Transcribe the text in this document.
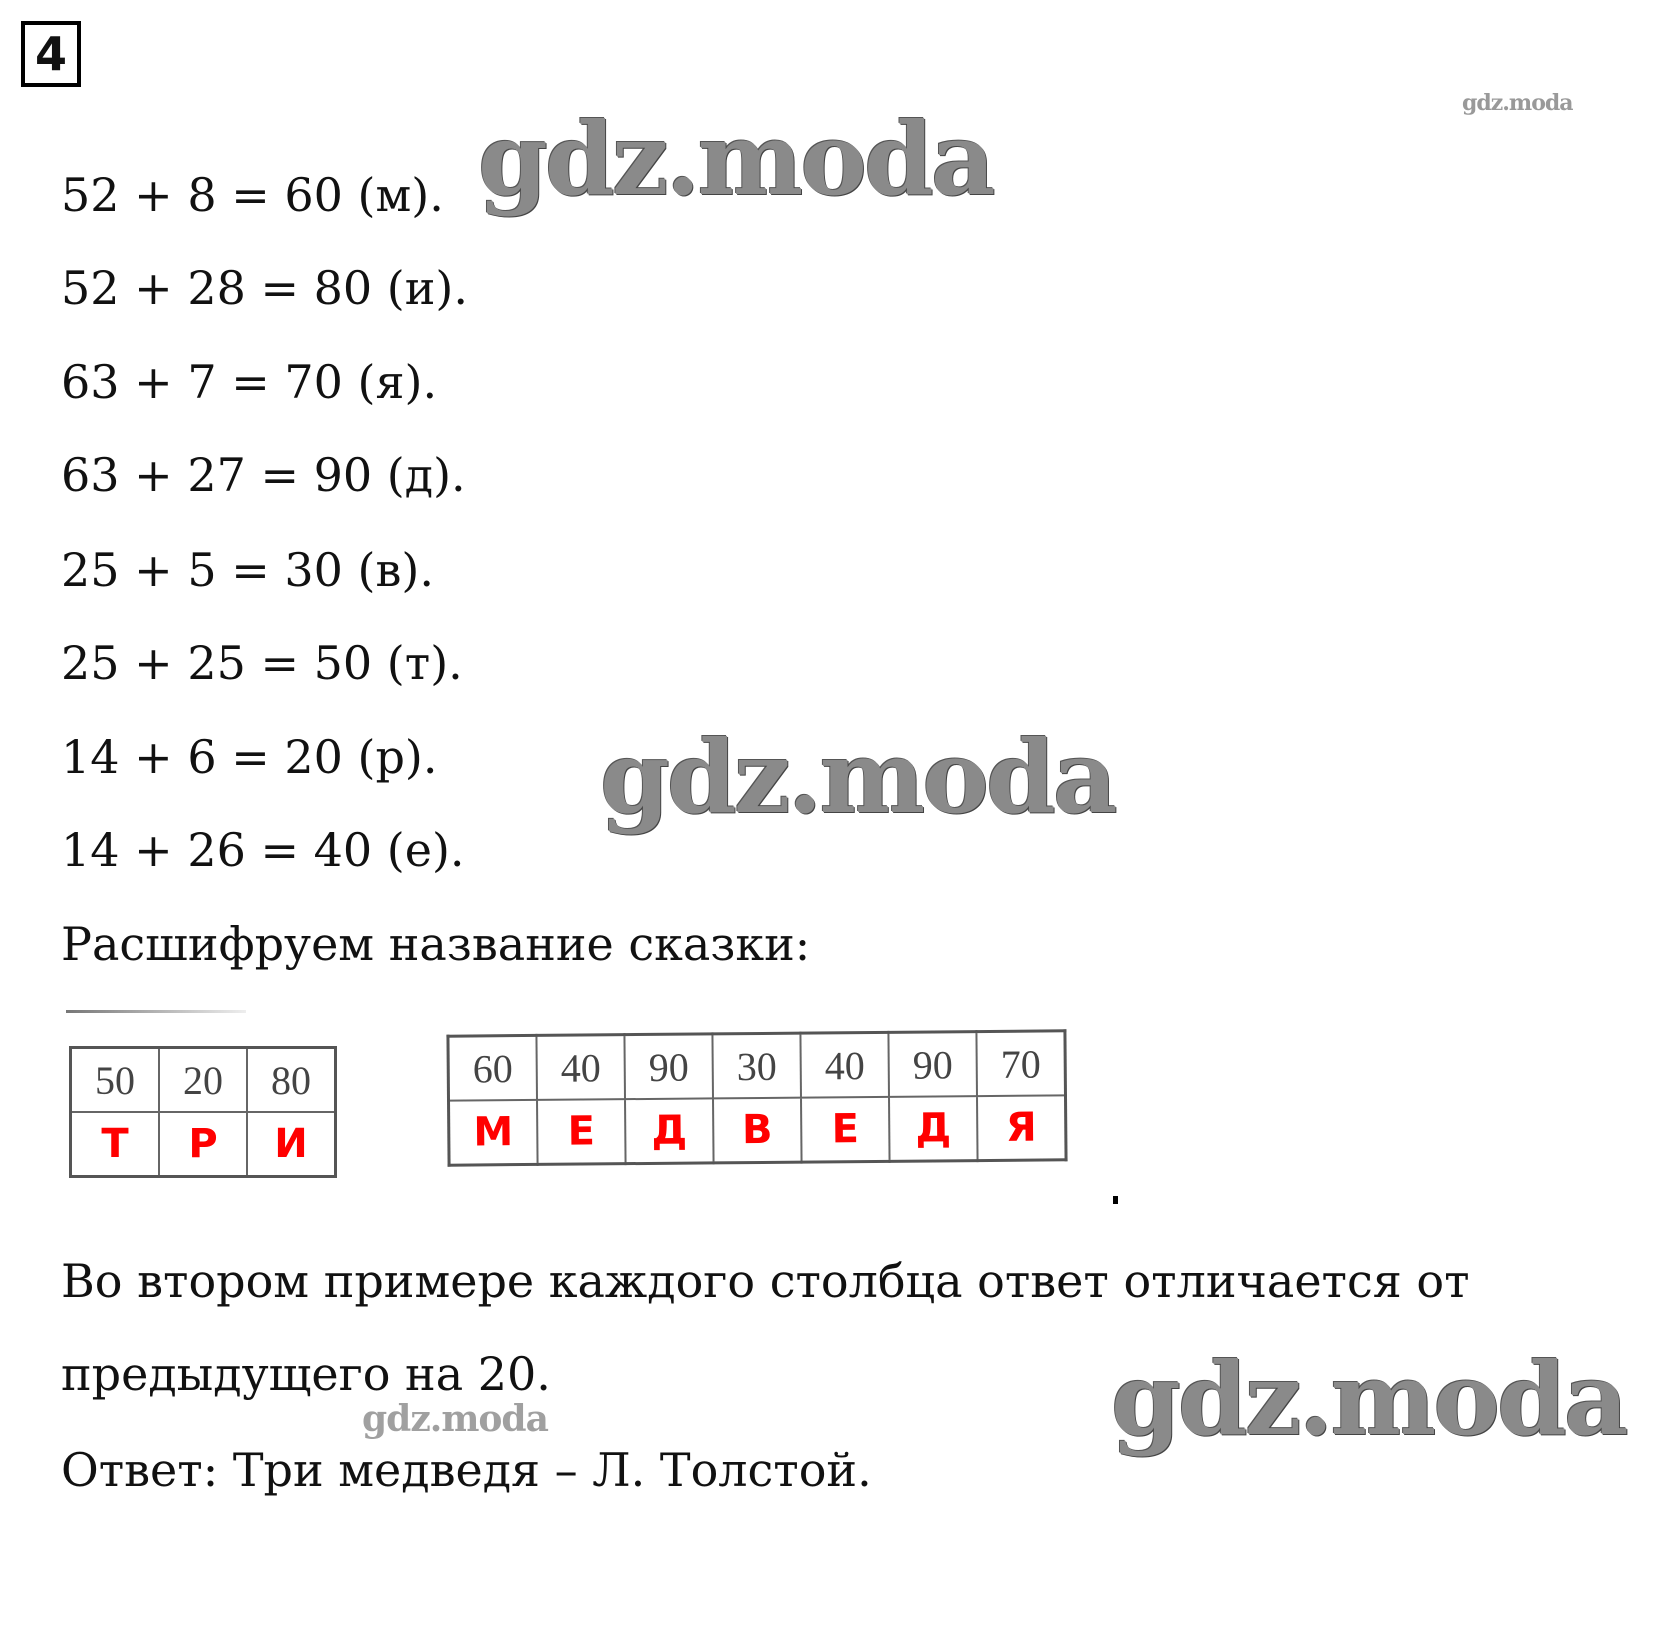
4
gdz.moda
gdz.moda
gdz.moda
gdz.moda
gdz.moda
52 + 8 = 60 (м).
52 + 28 = 80 (и).
63 + 7 = 70 (я).
63 + 27 = 90 (д).
25 + 5 = 30 (в).
25 + 25 = 50 (т).
14 + 6 = 20 (р).
14 + 26 = 40 (е).
Расшифруем название сказки:
50	20	80
Т	Р	И
60	40	90	30	40	90	70
М	Е	Д	В	Е	Д	Я
Во втором примере каждого столбца ответ отличается от
предыдущего на 20.
Ответ: Три медведя – Л. Толстой.
